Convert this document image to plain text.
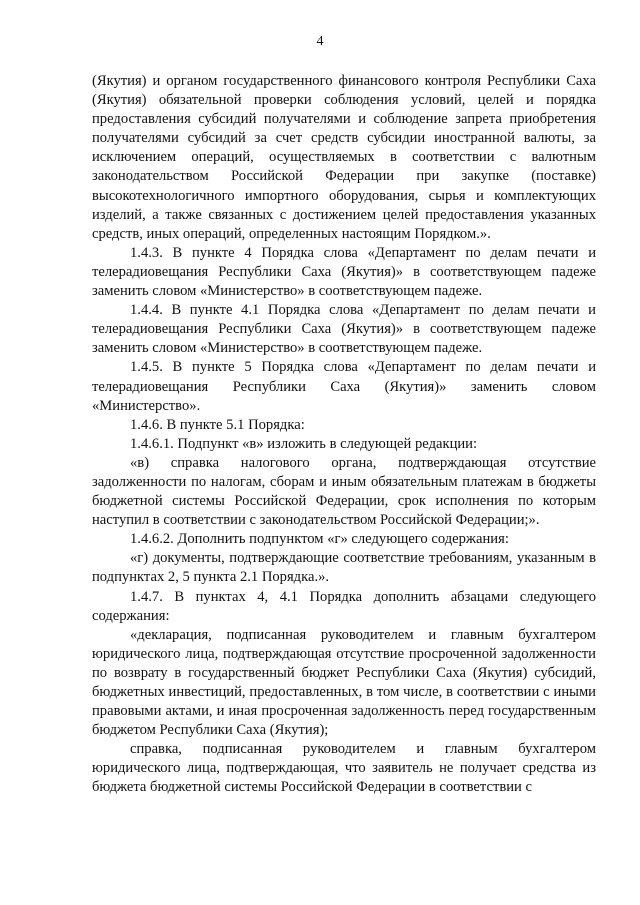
4

(Якутия) и органом государственного финансового контроля Республики Саха (Якутия) обязательной проверки соблюдения условий, целей и порядка предоставления субсидий получателями и соблюдение запрета приобретения получателями субсидий за счет средств субсидии иностранной валюты, за исключением операций, осуществляемых в соответствии с валютным законодательством Российской Федерации при закупке (поставке) высокотехнологичного импортного оборудования, сырья и комплектующих изделий, а также связанных с достижением целей предоставления указанных средств, иных операций, определенных настоящим Порядком.».

1.4.3. В пункте 4 Порядка слова «Департамент по делам печати и телерадиовещания Республики Саха (Якутия)» в соответствующем падеже заменить словом «Министерство» в соответствующем падеже.

1.4.4. В пункте 4.1 Порядка слова «Департамент по делам печати и телерадиовещания Республики Саха (Якутия)» в соответствующем падеже заменить словом «Министерство» в соответствующем падеже.

1.4.5. В пункте 5 Порядка слова «Департамент по делам печати и телерадиовещания Республики Саха (Якутия)» заменить словом «Министерство».

1.4.6. В пункте 5.1 Порядка:

1.4.6.1. Подпункт «в» изложить в следующей редакции:

«в) справка налогового органа, подтверждающая отсутствие задолженности по налогам, сборам и иным обязательным платежам в бюджеты бюджетной системы Российской Федерации, срок исполнения по которым наступил в соответствии с законодательством Российской Федерации;».

1.4.6.2. Дополнить подпунктом «г» следующего содержания:

«г) документы, подтверждающие соответствие требованиям, указанным в подпунктах 2, 5 пункта 2.1 Порядка.».

1.4.7. В пунктах 4, 4.1 Порядка дополнить абзацами следующего содержания:

«декларация, подписанная руководителем и главным бухгалтером юридического лица, подтверждающая отсутствие просроченной задолженности по возврату в государственный бюджет Республики Саха (Якутия) субсидий, бюджетных инвестиций, предоставленных, в том числе, в соответствии с иными правовыми актами, и иная просроченная задолженность перед государственным бюджетом Республики Саха (Якутия);

справка, подписанная руководителем и главным бухгалтером юридического лица, подтверждающая, что заявитель не получает средства из бюджета бюджетной системы Российской Федерации в соответствии с
